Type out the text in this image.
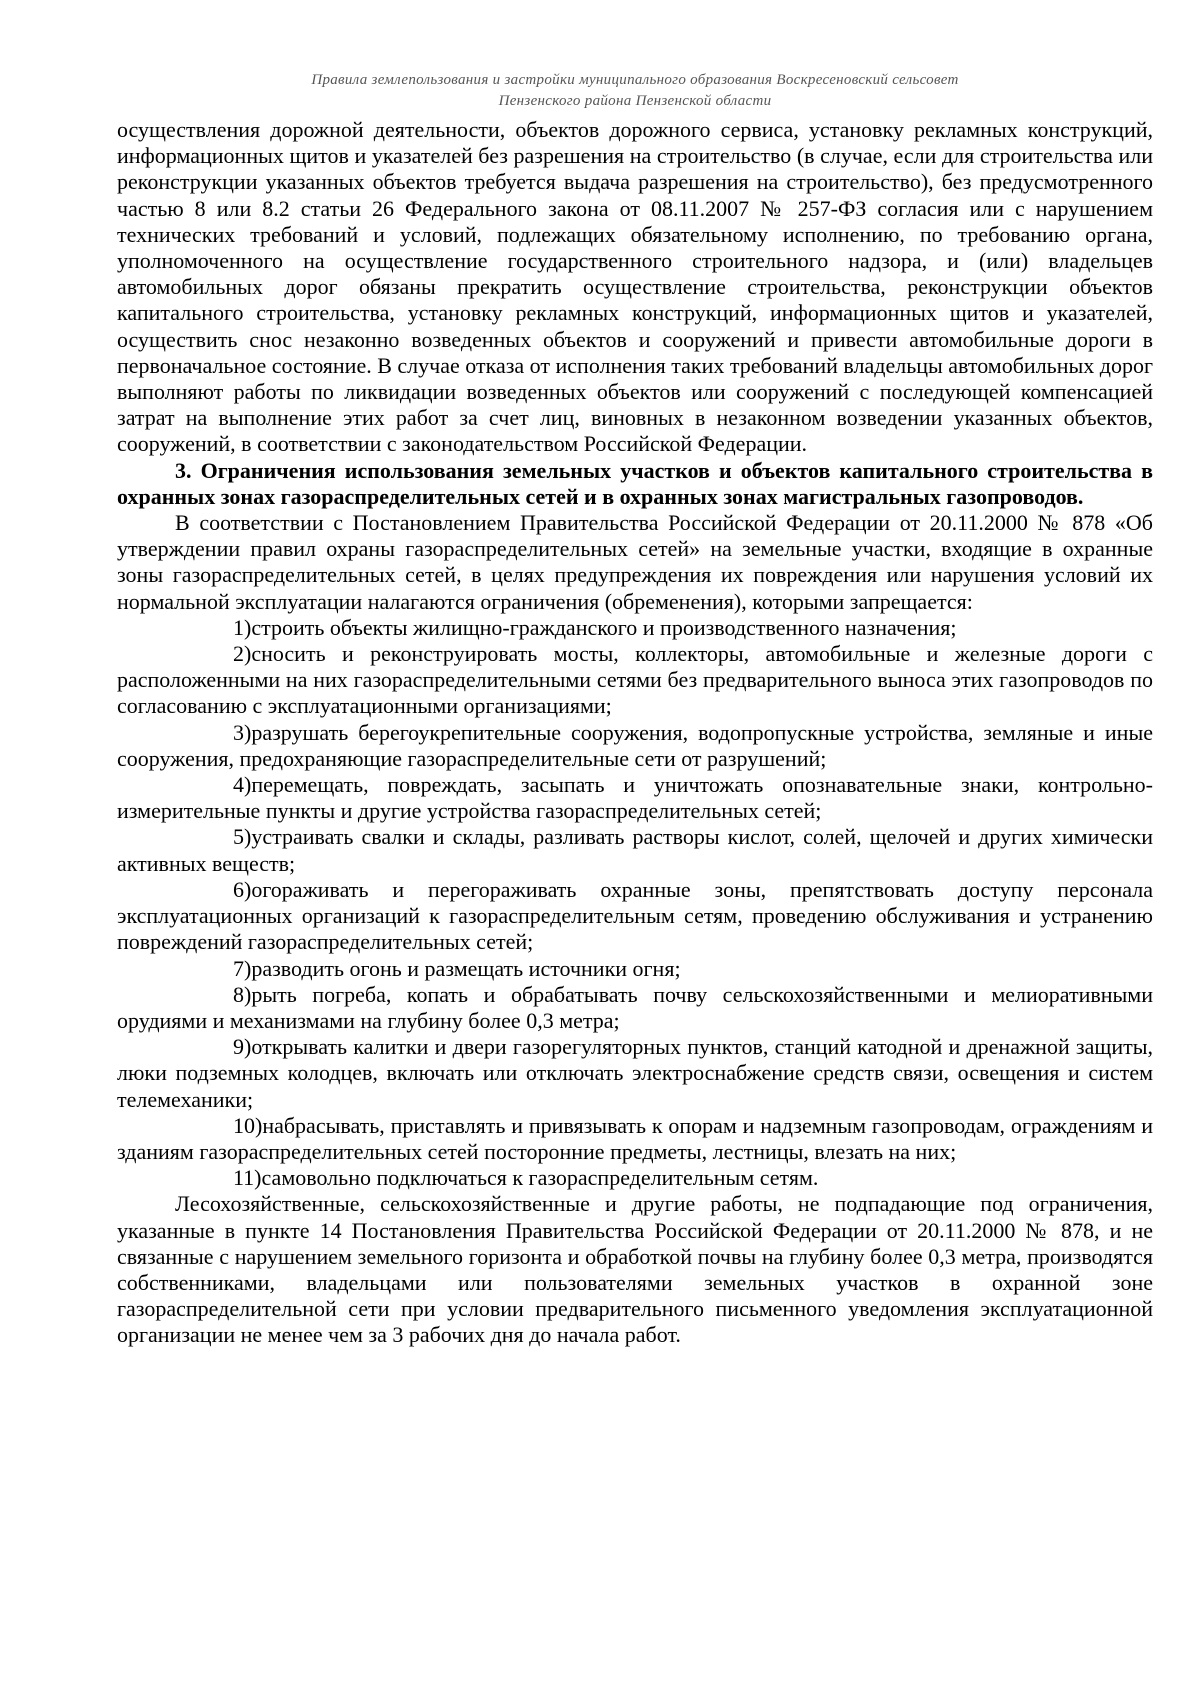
Правила землепользования и застройки муниципального образования Воскресеновский сельсовет
Пензенского района Пензенской области

осуществления дорожной деятельности, объектов дорожного сервиса, установку рекламных конструкций, информационных щитов и указателей без разрешения на строительство (в случае, если для строительства или реконструкции указанных объектов требуется выдача разрешения на строительство), без предусмотренного частью 8 или 8.2 статьи 26 Федерального закона от 08.11.2007 № 257-ФЗ согласия или с нарушением технических требований и условий, подлежащих обязательному исполнению, по требованию органа, уполномоченного на осуществление государственного строительного надзора, и (или) владельцев автомобильных дорог обязаны прекратить осуществление строительства, реконструкции объектов капитального строительства, установку рекламных конструкций, информационных щитов и указателей, осуществить снос незаконно возведенных объектов и сооружений и привести автомобильные дороги в первоначальное состояние. В случае отказа от исполнения таких требований владельцы автомобильных дорог выполняют работы по ликвидации возведенных объектов или сооружений с последующей компенсацией затрат на выполнение этих работ за счет лиц, виновных в незаконном возведении указанных объектов, сооружений, в соответствии с законодательством Российской Федерации.

3. Ограничения использования земельных участков и объектов капитального строительства в охранных зонах газораспределительных сетей и в охранных зонах магистральных газопроводов.

В соответствии с Постановлением Правительства Российской Федерации от 20.11.2000 № 878 «Об утверждении правил охраны газораспределительных сетей» на земельные участки, входящие в охранные зоны газораспределительных сетей, в целях предупреждения их повреждения или нарушения условий их нормальной эксплуатации налагаются ограничения (обременения), которыми запрещается:

1)строить объекты жилищно-гражданского и производственного назначения;

2)сносить и реконструировать мосты, коллекторы, автомобильные и железные дороги с расположенными на них газораспределительными сетями без предварительного выноса этих газопроводов по согласованию с эксплуатационными организациями;

3)разрушать берегоукрепительные сооружения, водопропускные устройства, земляные и иные сооружения, предохраняющие газораспределительные сети от разрушений;

4)перемещать, повреждать, засыпать и уничтожать опознавательные знаки, контрольно-измерительные пункты и другие устройства газораспределительных сетей;

5)устраивать свалки и склады, разливать растворы кислот, солей, щелочей и других химически активных веществ;

6)огораживать и перегораживать охранные зоны, препятствовать доступу персонала эксплуатационных организаций к газораспределительным сетям, проведению обслуживания и устранению повреждений газораспределительных сетей;

7)разводить огонь и размещать источники огня;

8)рыть погреба, копать и обрабатывать почву сельскохозяйственными и мелиоративными орудиями и механизмами на глубину более 0,3 метра;

9)открывать калитки и двери газорегуляторных пунктов, станций катодной и дренажной защиты, люки подземных колодцев, включать или отключать электроснабжение средств связи, освещения и систем телемеханики;

10)набрасывать, приставлять и привязывать к опорам и надземным газопроводам, ограждениям и зданиям газораспределительных сетей посторонние предметы, лестницы, влезать на них;

11)самовольно подключаться к газораспределительным сетям.

Лесохозяйственные, сельскохозяйственные и другие работы, не подпадающие под ограничения, указанные в пункте 14 Постановления Правительства Российской Федерации от 20.11.2000 № 878, и не связанные с нарушением земельного горизонта и обработкой почвы на глубину более 0,3 метра, производятся собственниками, владельцами или пользователями земельных участков в охранной зоне газораспределительной сети при условии предварительного письменного уведомления эксплуатационной организации не менее чем за 3 рабочих дня до начала работ.
